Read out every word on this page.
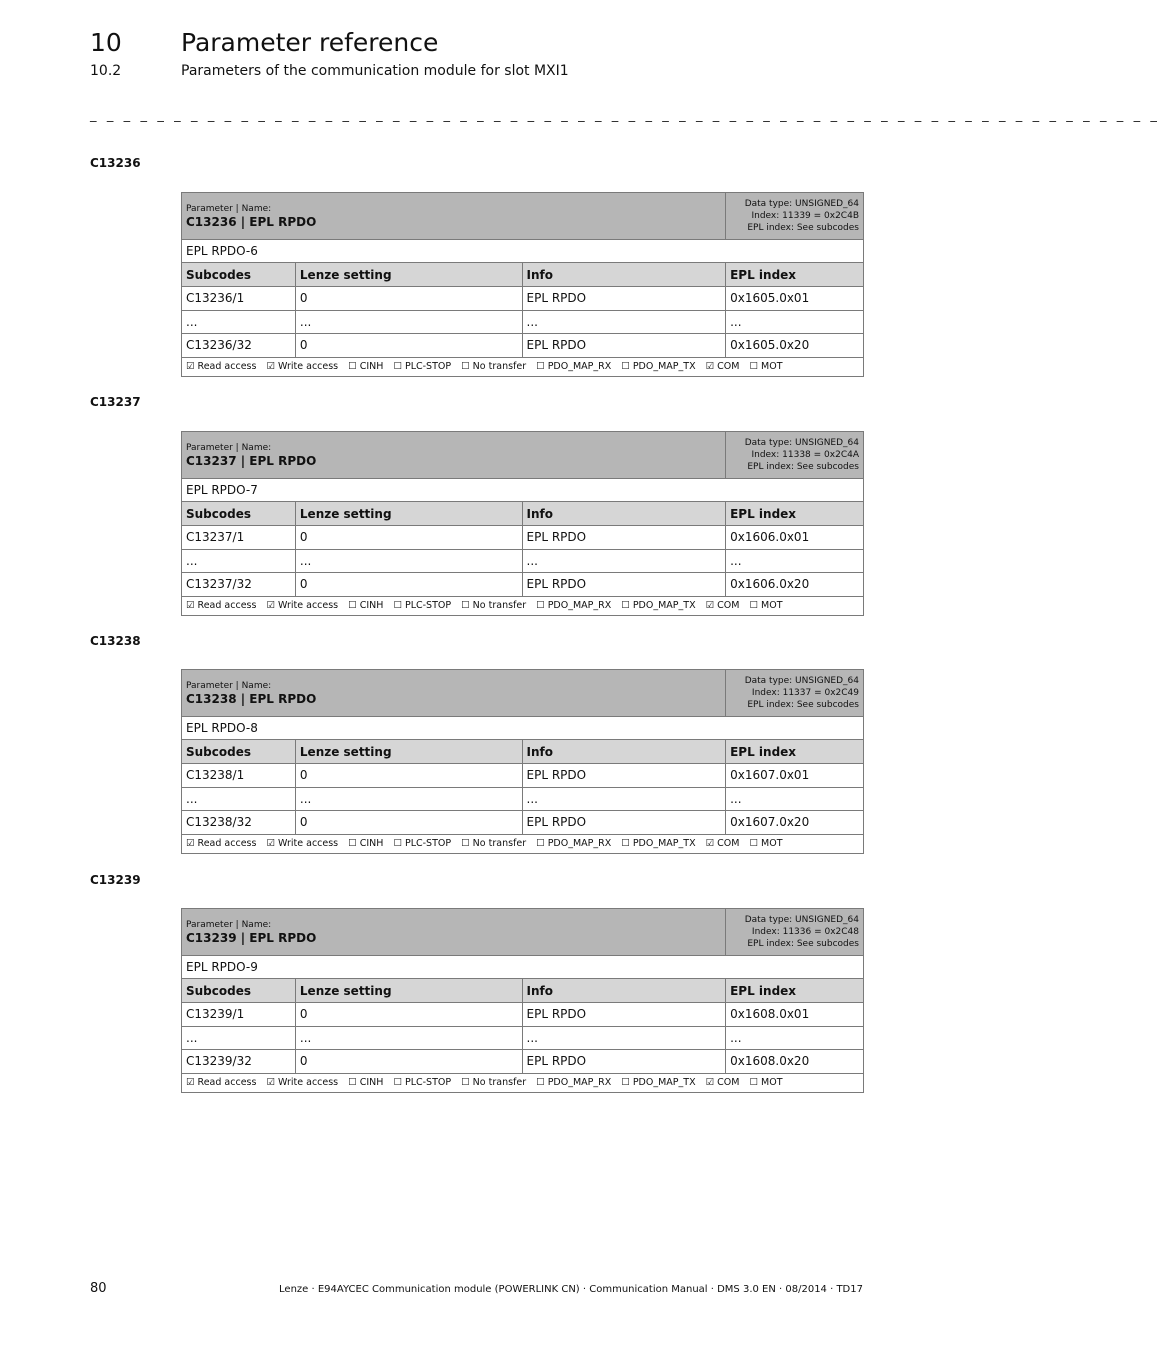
10 Parameter reference
10.2	Parameters of the communication module for slot MXI1
_ _ _ _ _ _ _ _ _ _ _ _ _ _ _ _ _ _ _ _ _ _ _ _ _ _ _ _ _ _ _ _ _ _ _ _ _ _ _ _ _ _ _ _ _ _ _ _ _ _ _ _ _ _ _ _ _ _ _ _ _ _ _ _
C13236
Parameter | Name:
C13236 | EPL RPDO			Data type: UNSIGNED_64
Index: 11339 = 0x2C4B
EPL index: See subcodes

EPL RPDO-6			
Subcodes	Lenze setting	Info	EPL index
C13236/1	0	EPL RPDO	0x1605.0x01
...	...	...	...
C13236/32	0	EPL RPDO	0x1605.0x20
☑ Read access ☑ Write access ☐ CINH ☐ PLC-STOP ☐ No transfer ☐ PDO_MAP_RX ☐ PDO_MAP_TX ☑ COM ☐ MOT			
C13237
Parameter | Name:
C13237 | EPL RPDO			Data type: UNSIGNED_64
Index: 11338 = 0x2C4A
EPL index: See subcodes

EPL RPDO-7			
Subcodes	Lenze setting	Info	EPL index
C13237/1	0	EPL RPDO	0x1606.0x01
...	...	...	...
C13237/32	0	EPL RPDO	0x1606.0x20
☑ Read access ☑ Write access ☐ CINH ☐ PLC-STOP ☐ No transfer ☐ PDO_MAP_RX ☐ PDO_MAP_TX ☑ COM ☐ MOT			
C13238
Parameter | Name:
C13238 | EPL RPDO			Data type: UNSIGNED_64
Index: 11337 = 0x2C49
EPL index: See subcodes

EPL RPDO-8			
Subcodes	Lenze setting	Info	EPL index
C13238/1	0	EPL RPDO	0x1607.0x01
...	...	...	...
C13238/32	0	EPL RPDO	0x1607.0x20
☑ Read access ☑ Write access ☐ CINH ☐ PLC-STOP ☐ No transfer ☐ PDO_MAP_RX ☐ PDO_MAP_TX ☑ COM ☐ MOT			
C13239
Parameter | Name:
C13239 | EPL RPDO			Data type: UNSIGNED_64
Index: 11336 = 0x2C48
EPL index: See subcodes

EPL RPDO-9			
Subcodes	Lenze setting	Info	EPL index
C13239/1	0	EPL RPDO	0x1608.0x01
...	...	...	...
C13239/32	0	EPL RPDO	0x1608.0x20
☑ Read access ☑ Write access ☐ CINH ☐ PLC-STOP ☐ No transfer ☐ PDO_MAP_RX ☐ PDO_MAP_TX ☑ COM ☐ MOT			
80	Lenze · E94AYCEC Communication module (POWERLINK CN) · Communication Manual · DMS 3.0 EN · 08/2014 · TD17
